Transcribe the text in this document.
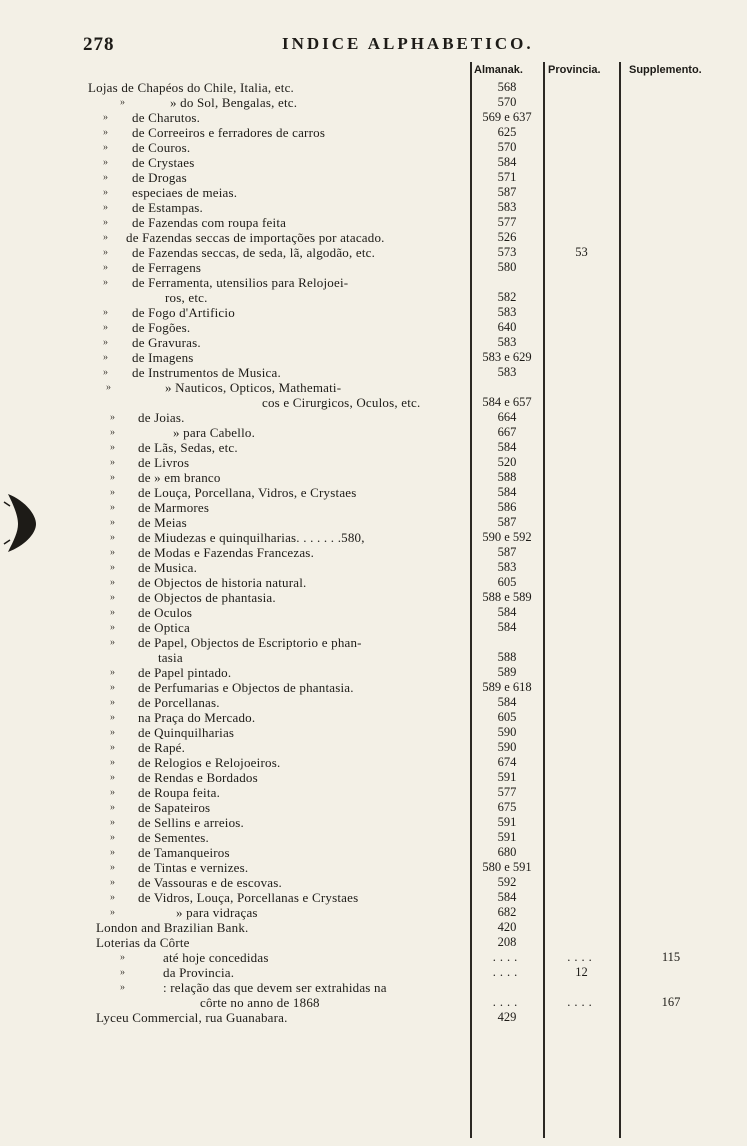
278	INDICE ALPHABETICO.
Almanak. Provincia.	Supplemento.
Lojas de Chapéos do Chile, Italia, etc.	568
»	» do Sol, Bengalas, etc.	570
» de Charutos.	569 e 637
» de Correeiros e ferradores de carros	625
» de Couros.	570
» de Crystaes	584
» de Drogas	571
» especiaes de meias.	587
» de Estampas.	583
» de Fazendas com roupa feita	577
» de Fazendas seccas de importações por atacado.	526
» de Fazendas seccas, de seda, lã, algodão, etc.	573	53
» de Ferragens	580
» de Ferramenta, utensilios para Relojoei-
ros, etc.	582
» de Fogo d'Artificio	583
» de Fogões.	640
» de Gravuras.	583
» de Imagens	583 e 629
» de Instrumentos de Musica.	583
»	» Nauticos, Opticos, Mathemati-
cos e Cirurgicos, Oculos, etc.	584 e 657
» de Joias.	664
»	» para Cabello.	667
» de Lãs, Sedas, etc.	584
» de Livros	520
» de » em branco	588
» de Louça, Porcellana, Vidros, e Crystaes	584
» de Marmores	586
» de Meias	587
» de Miudezas e quinquilharias. . . . . . .580,	590 e 592
» de Modas e Fazendas Francezas.	587
» de Musica.	583
» de Objectos de historia natural.	605
» de Objectos de phantasia.	588 e 589
» de Oculos	584
» de Optica	584
» de Papel, Objectos de Escriptorio e phan-
tasia	588
» de Papel pintado.	589
» de Perfumarias e Objectos de phantasia.	589 e 618
» de Porcellanas.	584
» na Praça do Mercado.	605
» de Quinquilharias	590
» de Rapé.	590
» de Relogios e Relojoeiros.	674
» de Rendas e Bordados	591
» de Roupa feita.	577
» de Sapateiros	675
» de Sellins e arreios.	591
» de Sementes.	591
» de Tamanqueiros	680
» de Tintas e vernizes.	580 e 591
» de Vassouras e de escovas.	592
» de Vidros, Louça, Porcellanas e Crystaes	584
»	» para vidraças	682
London and Brazilian Bank.	420
Loterias da Côrte	208
»	até hoje concedidas	....	....	115
»	da Provincia.	....	12
»	: relação das que devem ser extrahidas na
côrte no anno de 1868	....	....	167
Lyceu Commercial, rua Guanabara.	429
